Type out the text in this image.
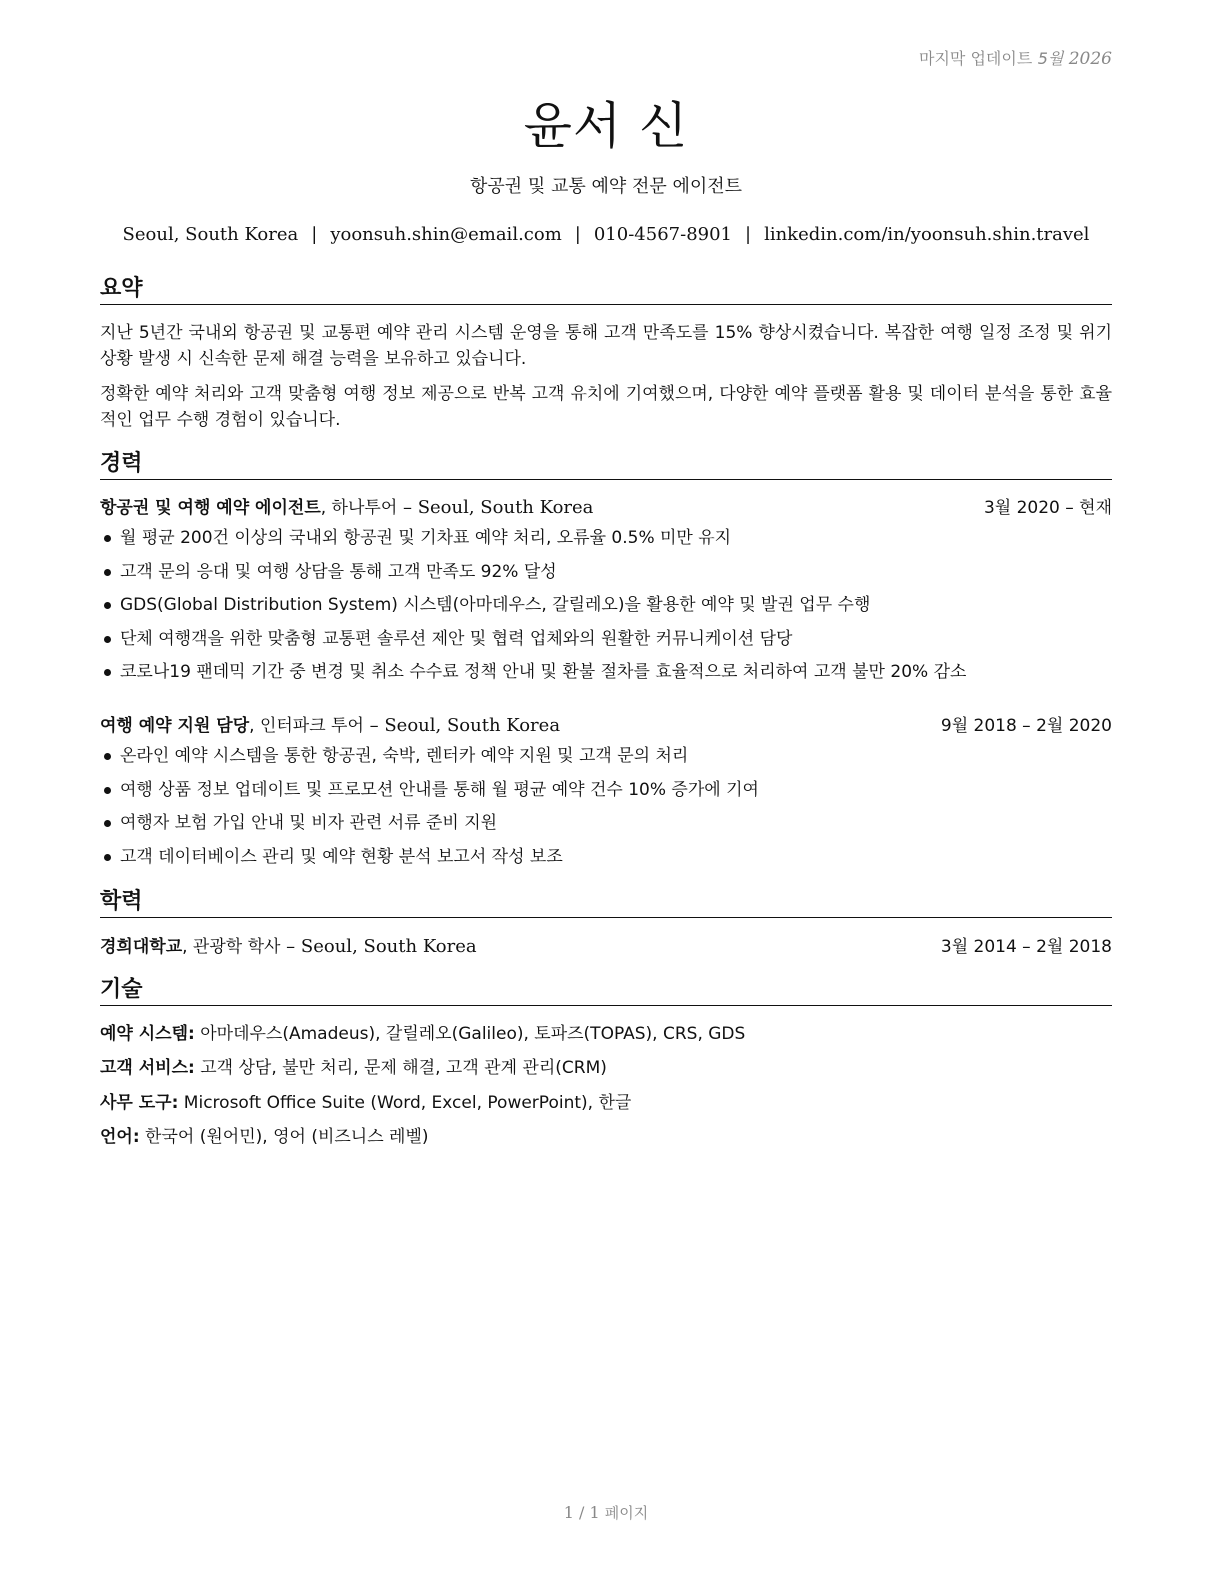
마지막 업데이트 5월 2026
윤서 신
항공권 및 교통 예약 전문 에이전트
Seoul, South Korea | yoonsuh.shin@email.com | 010-4567-8901 | linkedin.com/in/yoonsuh.shin.travel
요약
지난 5년간 국내외 항공권 및 교통편 예약 관리 시스템 운영을 통해 고객 만족도를 15% 향상시켰습니다. 복잡한 여행 일정 조정 및 위기 상황 발생 시 신속한 문제 해결 능력을 보유하고 있습니다.
정확한 예약 처리와 고객 맞춤형 여행 정보 제공으로 반복 고객 유치에 기여했으며, 다양한 예약 플랫폼 활용 및 데이터 분석을 통한 효율적인 업무 수행 경험이 있습니다.
경력
항공권 및 여행 예약 에이전트, 하나투어 – Seoul, South Korea	3월 2020 – 현재
월 평균 200건 이상의 국내외 항공권 및 기차표 예약 처리, 오류율 0.5% 미만 유지
고객 문의 응대 및 여행 상담을 통해 고객 만족도 92% 달성
GDS(Global Distribution System) 시스템(아마데우스, 갈릴레오)을 활용한 예약 및 발권 업무 수행
단체 여행객을 위한 맞춤형 교통편 솔루션 제안 및 협력 업체와의 원활한 커뮤니케이션 담당
코로나19 팬데믹 기간 중 변경 및 취소 수수료 정책 안내 및 환불 절차를 효율적으로 처리하여 고객 불만 20% 감소
여행 예약 지원 담당, 인터파크 투어 – Seoul, South Korea	9월 2018 – 2월 2020
온라인 예약 시스템을 통한 항공권, 숙박, 렌터카 예약 지원 및 고객 문의 처리
여행 상품 정보 업데이트 및 프로모션 안내를 통해 월 평균 예약 건수 10% 증가에 기여
여행자 보험 가입 안내 및 비자 관련 서류 준비 지원
고객 데이터베이스 관리 및 예약 현황 분석 보고서 작성 보조
학력
경희대학교, 관광학 학사 – Seoul, South Korea	3월 2014 – 2월 2018
기술
예약 시스템: 아마데우스(Amadeus), 갈릴레오(Galileo), 토파즈(TOPAS), CRS, GDS
고객 서비스: 고객 상담, 불만 처리, 문제 해결, 고객 관계 관리(CRM)
사무 도구: Microsoft Office Suite (Word, Excel, PowerPoint), 한글
언어: 한국어 (원어민), 영어 (비즈니스 레벨)
1 / 1 페이지
